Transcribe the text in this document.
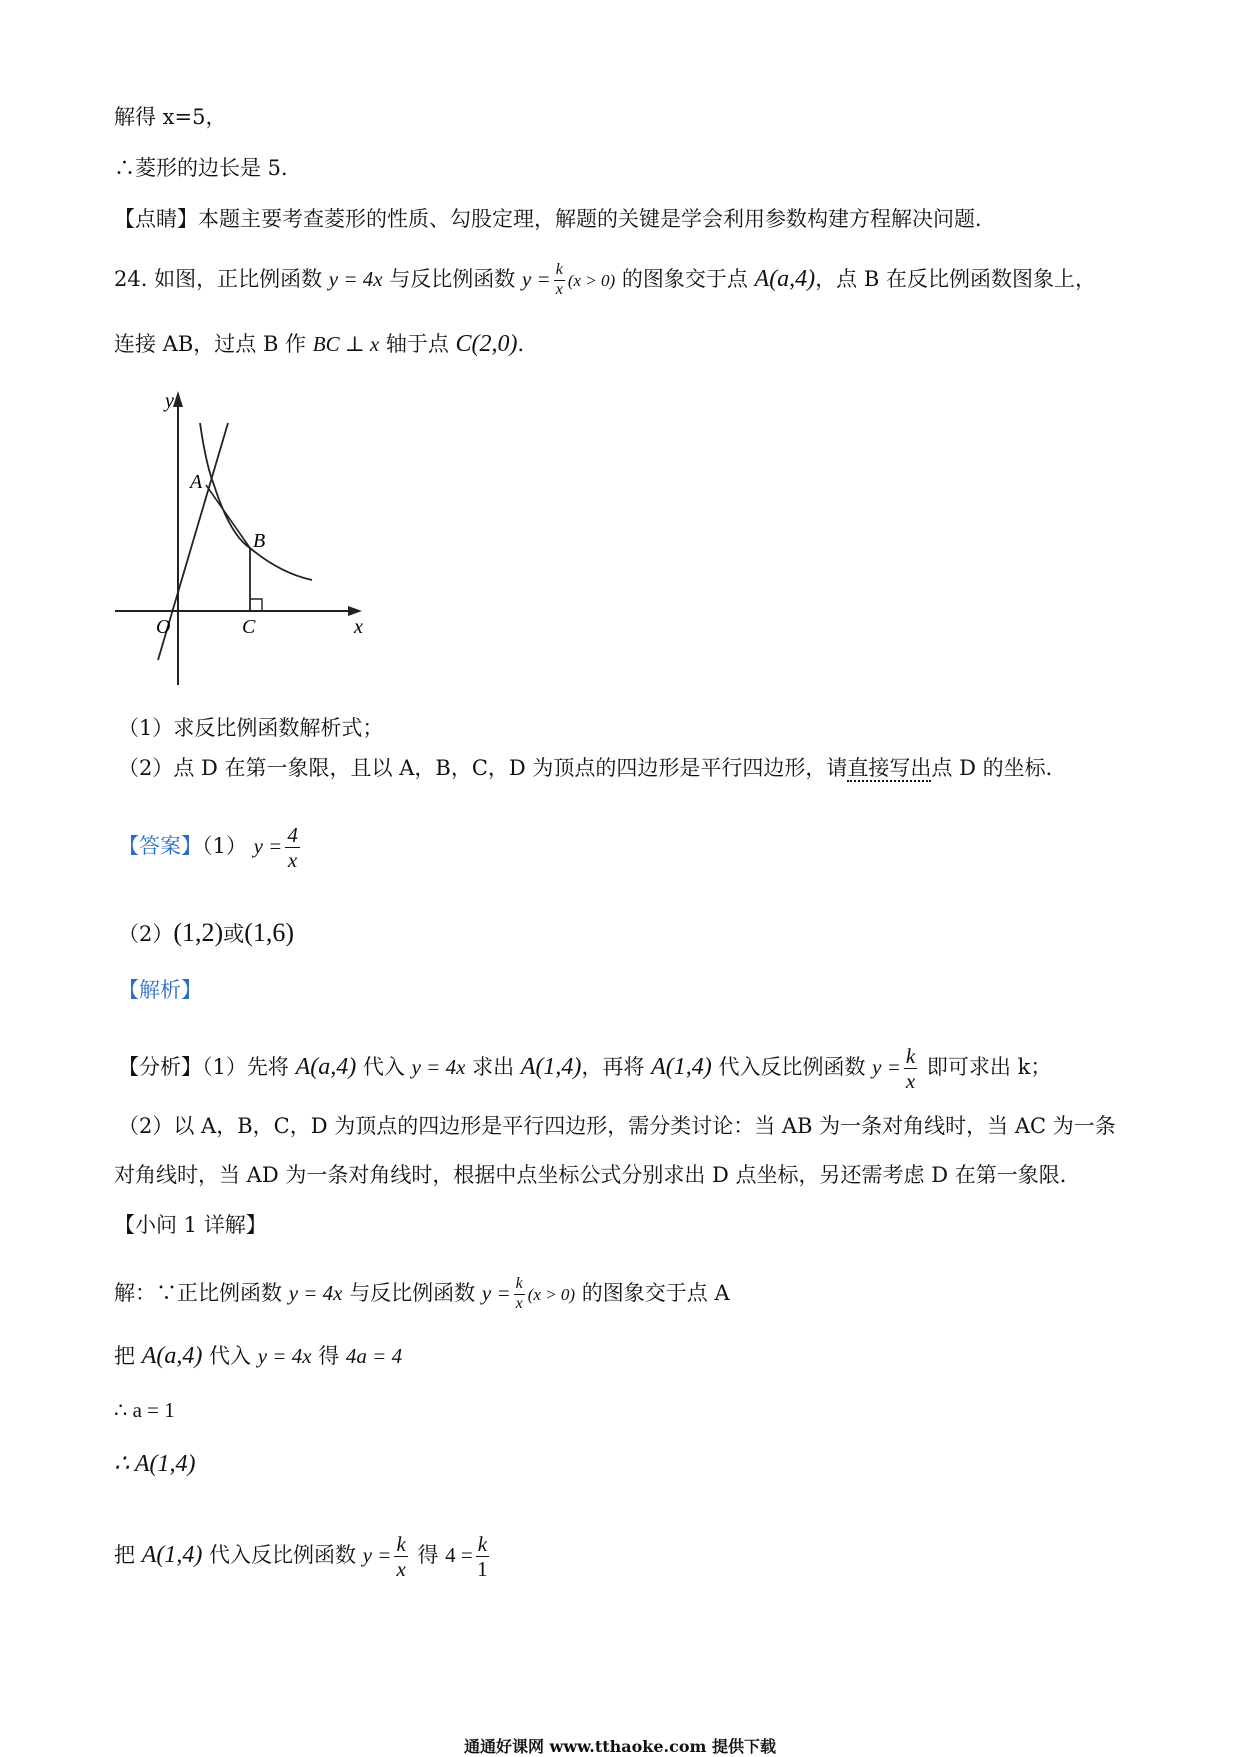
解得 x=5，
∴菱形的边长是 5．
【点睛】本题主要考查菱形的性质、勾股定理，解题的关键是学会利用参数构建方程解决问题．
24. 如图，正比例函数 y = 4x 与反比例函数 $y = \frac{k}{x} (x > 0)$ 的图象交于点 A(a,4)，点 B 在反比例函数图象上，
连接 AB，过点 B 作 BC ⊥ x 轴于点 C(2,0)．
y
x
O
A
B
C
（1）求反比例函数解析式；
（2）点 D 在第一象限，且以 A，B，C，D 为顶点的四边形是平行四边形，请直接写出点 D 的坐标．
【答案】（1） $y = \frac{4}{x}$
（2）(1,2)或(1,6)
【解析】
【分析】（1）先将 A(a,4) 代入 y = 4x 求出 A(1,4)，再将 A(1,4) 代入反比例函数 $y = \frac{k}{x}$ 即可求出 k；
（2）以 A，B，C，D 为顶点的四边形是平行四边形，需分类讨论：当 AB 为一条对角线时，当 AC 为一条
对角线时，当 AD 为一条对角线时，根据中点坐标公式分别求出 D 点坐标，另还需考虑 D 在第一象限．
【小问 1 详解】
解：∵正比例函数 y = 4x 与反比例函数 $y = \frac{k}{x} (x > 0)$ 的图象交于点 A
把 A(a,4) 代入 y = 4x 得 4a = 4
∴ a = 1
∴ A(1,4)
把 A(1,4) 代入反比例函数 $y = \frac{k}{x}$ 得 $4 = \frac{k}{1}$
通通好课网 www.tthaoke.com 提供下载
